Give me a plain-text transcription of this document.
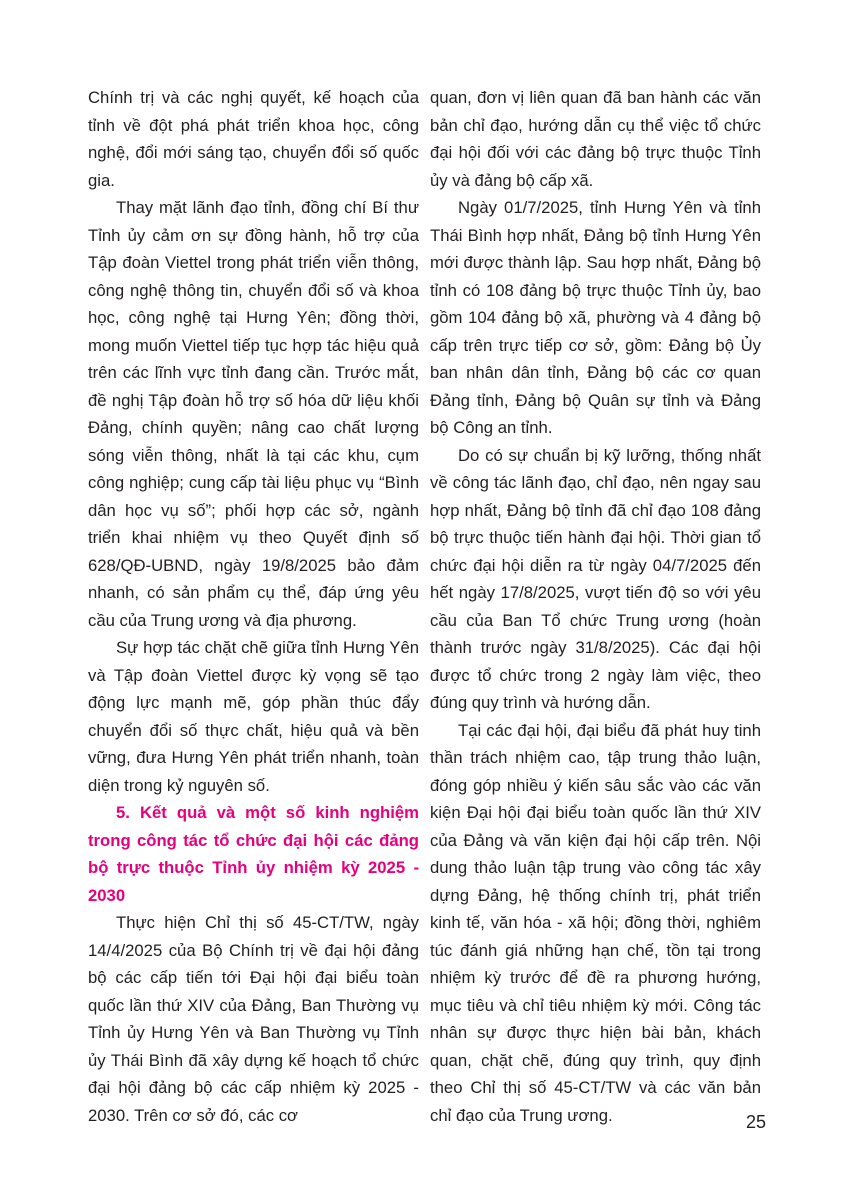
Chính trị và các nghị quyết, kế hoạch của tỉnh về đột phá phát triển khoa học, công nghệ, đổi mới sáng tạo, chuyển đổi số quốc gia.

Thay mặt lãnh đạo tỉnh, đồng chí Bí thư Tỉnh ủy cảm ơn sự đồng hành, hỗ trợ của Tập đoàn Viettel trong phát triển viễn thông, công nghệ thông tin, chuyển đổi số và khoa học, công nghệ tại Hưng Yên; đồng thời, mong muốn Viettel tiếp tục hợp tác hiệu quả trên các lĩnh vực tỉnh đang cần. Trước mắt, đề nghị Tập đoàn hỗ trợ số hóa dữ liệu khối Đảng, chính quyền; nâng cao chất lượng sóng viễn thông, nhất là tại các khu, cụm công nghiệp; cung cấp tài liệu phục vụ “Bình dân học vụ số”; phối hợp các sở, ngành triển khai nhiệm vụ theo Quyết định số 628/QĐ-UBND, ngày 19/8/2025 bảo đảm nhanh, có sản phẩm cụ thể, đáp ứng yêu cầu của Trung ương và địa phương.

Sự hợp tác chặt chẽ giữa tỉnh Hưng Yên và Tập đoàn Viettel được kỳ vọng sẽ tạo động lực mạnh mẽ, góp phần thúc đẩy chuyển đổi số thực chất, hiệu quả và bền vững, đưa Hưng Yên phát triển nhanh, toàn diện trong kỷ nguyên số.

5. Kết quả và một số kinh nghiệm trong công tác tổ chức đại hội các đảng bộ trực thuộc Tỉnh ủy nhiệm kỳ 2025 - 2030

Thực hiện Chỉ thị số 45-CT/TW, ngày 14/4/2025 của Bộ Chính trị về đại hội đảng bộ các cấp tiến tới Đại hội đại biểu toàn quốc lần thứ XIV của Đảng, Ban Thường vụ Tỉnh ủy Hưng Yên và Ban Thường vụ Tỉnh ủy Thái Bình đã xây dựng kế hoạch tổ chức đại hội đảng bộ các cấp nhiệm kỳ 2025 - 2030. Trên cơ sở đó, các cơ

quan, đơn vị liên quan đã ban hành các văn bản chỉ đạo, hướng dẫn cụ thể việc tổ chức đại hội đối với các đảng bộ trực thuộc Tỉnh ủy và đảng bộ cấp xã.

Ngày 01/7/2025, tỉnh Hưng Yên và tỉnh Thái Bình hợp nhất, Đảng bộ tỉnh Hưng Yên mới được thành lập. Sau hợp nhất, Đảng bộ tỉnh có 108 đảng bộ trực thuộc Tỉnh ủy, bao gồm 104 đảng bộ xã, phường và 4 đảng bộ cấp trên trực tiếp cơ sở, gồm: Đảng bộ Ủy ban nhân dân tỉnh, Đảng bộ các cơ quan Đảng tỉnh, Đảng bộ Quân sự tỉnh và Đảng bộ Công an tỉnh.

Do có sự chuẩn bị kỹ lưỡng, thống nhất về công tác lãnh đạo, chỉ đạo, nên ngay sau hợp nhất, Đảng bộ tỉnh đã chỉ đạo 108 đảng bộ trực thuộc tiến hành đại hội. Thời gian tổ chức đại hội diễn ra từ ngày 04/7/2025 đến hết ngày 17/8/2025, vượt tiến độ so với yêu cầu của Ban Tổ chức Trung ương (hoàn thành trước ngày 31/8/2025). Các đại hội được tổ chức trong 2 ngày làm việc, theo đúng quy trình và hướng dẫn.

Tại các đại hội, đại biểu đã phát huy tinh thần trách nhiệm cao, tập trung thảo luận, đóng góp nhiều ý kiến sâu sắc vào các văn kiện Đại hội đại biểu toàn quốc lần thứ XIV của Đảng và văn kiện đại hội cấp trên. Nội dung thảo luận tập trung vào công tác xây dựng Đảng, hệ thống chính trị, phát triển kinh tế, văn hóa - xã hội; đồng thời, nghiêm túc đánh giá những hạn chế, tồn tại trong nhiệm kỳ trước để đề ra phương hướng, mục tiêu và chỉ tiêu nhiệm kỳ mới. Công tác nhân sự được thực hiện bài bản, khách quan, chặt chẽ, đúng quy trình, quy định theo Chỉ thị số 45-CT/TW và các văn bản chỉ đạo của Trung ương.	25
